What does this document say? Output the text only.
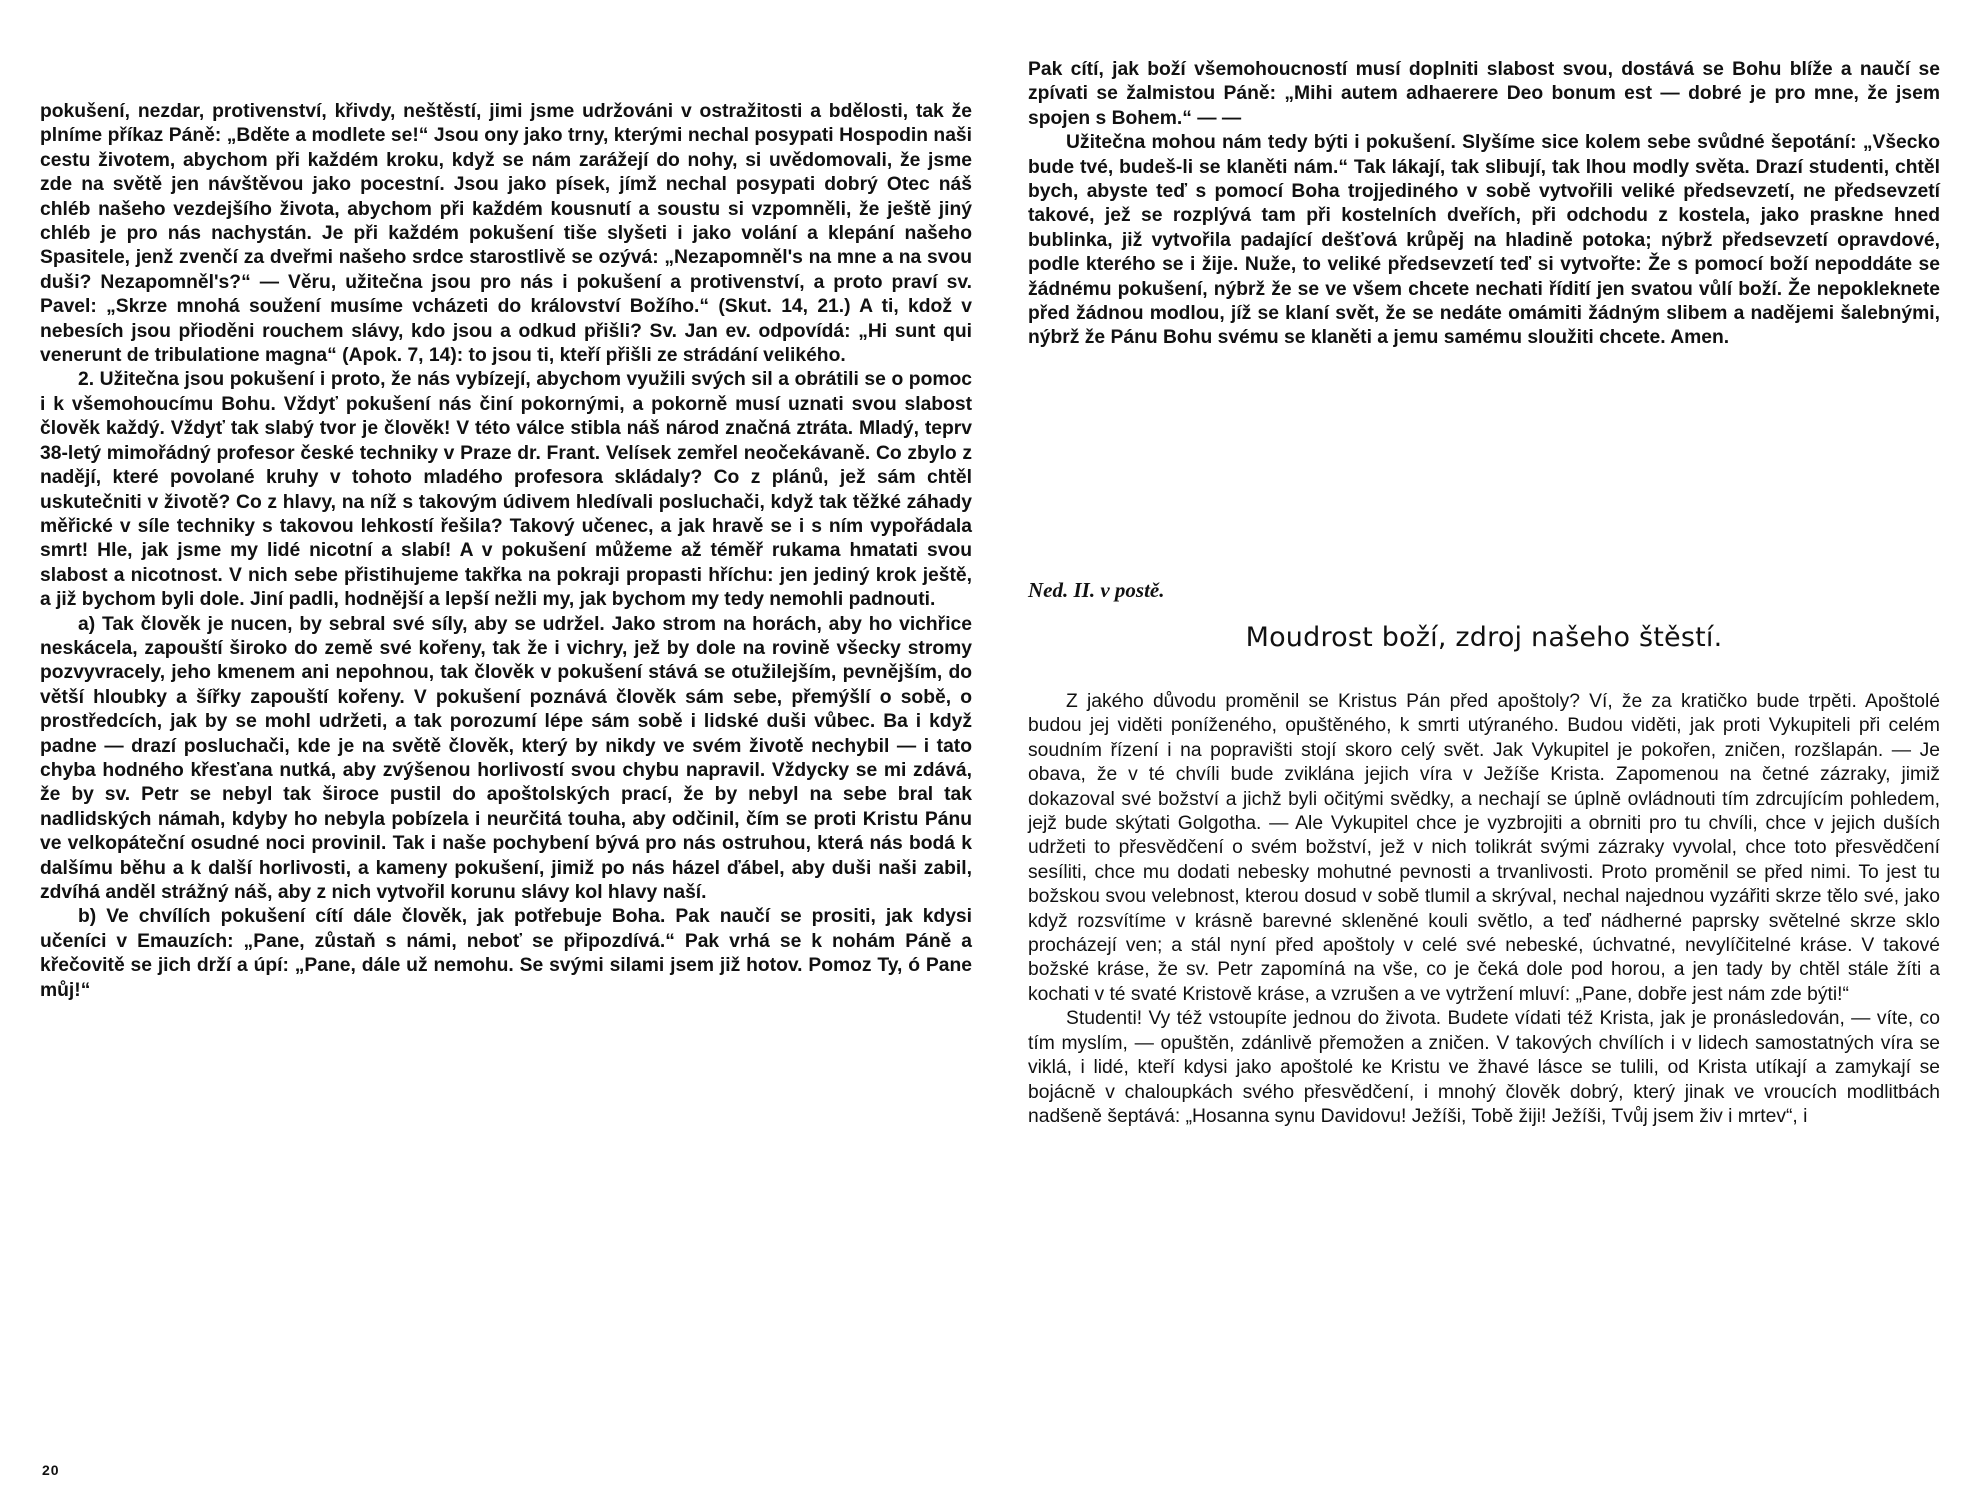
pokušení, nezdar, protivenství, křivdy, neštěstí, jimi jsme udržováni v ostražitosti a bdělosti, tak že plníme příkaz Páně: „Bděte a modlete se!“ Jsou ony jako trny, kterými nechal posypati Hospodin naši cestu životem, abychom při každém kroku, když se nám zarážejí do nohy, si uvědomovali, že jsme zde na světě jen návštěvou jako pocestní. Jsou jako písek, jímž nechal posypati dobrý Otec náš chléb našeho vezdejšího života, abychom při každém kousnutí a soustu si vzpomněli, že ještě jiný chléb je pro nás nachystán. Je při každém pokušení tiše slyšeti i jako volání a klepání našeho Spasitele, jenž zvenčí za dveřmi našeho srdce starostlivě se ozývá: „Nezapomněl's na mne a na svou duši? Nezapomněl's?“ — Věru, užitečna jsou pro nás i pokušení a protivenství, a proto praví sv. Pavel: „Skrze mnohá soužení musíme vcházeti do království Božího.“ (Skut. 14, 21.) A ti, kdož v nebesích jsou přioděni rouchem slávy, kdo jsou a odkud přišli? Sv. Jan ev. odpovídá: „Hi sunt qui venerunt de tribulatione magna“ (Apok. 7, 14): to jsou ti, kteří přišli ze strádání velikého.

2. Užitečna jsou pokušení i proto, že nás vybízejí, abychom využili svých sil a obrátili se o pomoc i k všemohoucímu Bohu. Vždyť pokušení nás činí pokornými, a pokorně musí uznati svou slabost člověk každý. Vždyť tak slabý tvor je člověk! V této válce stibla náš národ značná ztráta. Mladý, teprv 38-letý mimořádný profesor české techniky v Praze dr. Frant. Velísek zemřel neočekávaně. Co zbylo z nadějí, které povolané kruhy v tohoto mladého profesora skládaly? Co z plánů, jež sám chtěl uskutečniti v životě? Co z hlavy, na níž s takovým údivem hledívali posluchači, když tak těžké záhady měřické v síle techniky s takovou lehkostí řešila? Takový učenec, a jak hravě se i s ním vypořádala smrt! Hle, jak jsme my lidé nicotní a slabí! A v pokušení můžeme až téměř rukama hmatati svou slabost a nicotnost. V nich sebe přistihujeme takřka na pokraji propasti hříchu: jen jediný krok ještě, a již bychom byli dole. Jiní padli, hodnější a lepší nežli my, jak bychom my tedy nemohli padnouti.

a) Tak člověk je nucen, by sebral své síly, aby se udržel. Jako strom na horách, aby ho vichřice neskácela, zapouští široko do země své kořeny, tak že i vichry, jež by dole na rovině všecky stromy pozvyvracely, jeho kmenem ani nepohnou, tak člověk v pokušení stává se otužilejším, pevnějším, do větší hloubky a šířky zapouští kořeny. V pokušení poznává člověk sám sebe, přemýšlí o sobě, o prostředcích, jak by se mohl udržeti, a tak porozumí lépe sám sobě i lidské duši vůbec. Ba i když padne — drazí posluchači, kde je na světě člověk, který by nikdy ve svém životě nechybil — i tato chyba hodného křesťana nutká, aby zvýšenou horlivostí svou chybu napravil. Vždycky se mi zdává, že by sv. Petr se nebyl tak široce pustil do apoštolských prací, že by nebyl na sebe bral tak nadlidských námah, kdyby ho nebyla pobízela i neurčitá touha, aby odčinil, čím se proti Kristu Pánu ve velkopáteční osudné noci provinil. Tak i naše pochybení bývá pro nás ostruhou, která nás bodá k dalšímu běhu a k další horlivosti, a kameny pokušení, jimiž po nás házel ďábel, aby duši naši zabil, zdvíhá anděl strážný náš, aby z nich vytvořil korunu slávy kol hlavy naší.

b) Ve chvílích pokušení cítí dále člověk, jak potřebuje Boha. Pak naučí se prositi, jak kdysi učeníci v Emauzích: „Pane, zůstaň s námi, neboť se připozdívá.“ Pak vrhá se k nohám Páně a křečovitě se jich drží a úpí: „Pane, dále už nemohu. Se svými silami jsem již hotov. Pomoz Ty, ó Pane můj!“

20

Pak cítí, jak boží všemohoucností musí doplniti slabost svou, dostává se Bohu blíže a naučí se zpívati se žalmistou Páně: „Mihi autem adhaerere Deo bonum est — dobré je pro mne, že jsem spojen s Bohem.“ — —

Užitečna mohou nám tedy býti i pokušení. Slyšíme sice kolem sebe svůdné šepotání: „Všecko bude tvé, budeš-li se klaněti nám.“ Tak lákají, tak slibují, tak lhou modly světa. Drazí studenti, chtěl bych, abyste teď s pomocí Boha trojjediného v sobě vytvořili veliké předsevzetí, ne předsevzetí takové, jež se rozplývá tam při kostelních dveřích, při odchodu z kostela, jako praskne hned bublinka, již vytvořila padající dešťová krůpěj na hladině potoka; nýbrž předsevzetí opravdové, podle kterého se i žije. Nuže, to veliké předsevzetí teď si vytvořte: Že s pomocí boží nepoddáte se žádnému pokušení, nýbrž že se ve všem chcete nechati řídití jen svatou vůlí boží. Že nepokleknete před žádnou modlou, jíž se klaní svět, že se nedáte omámiti žádným slibem a nadějemi šalebnými, nýbrž že Pánu Bohu svému se klaněti a jemu samému sloužiti chcete. Amen.

Ned. II. v postě.

Moudrost boží, zdroj našeho štěstí.

Z jakého důvodu proměnil se Kristus Pán před apoštoly? Ví, že za kratičko bude trpěti. Apoštolé budou jej viděti poníženého, opuštěného, k smrti utýraného. Budou viděti, jak proti Vykupiteli při celém soudním řízení i na popravišti stojí skoro celý svět. Jak Vykupitel je pokořen, zničen, rozšlapán. — Je obava, že v té chvíli bude zviklána jejich víra v Ježíše Krista. Zapomenou na četné zázraky, jimiž dokazoval své božství a jichž byli očitými svědky, a nechají se úplně ovládnouti tím zdrcujícím pohledem, jejž bude skýtati Golgotha. — Ale Vykupitel chce je vyzbrojiti a obrniti pro tu chvíli, chce v jejich duších udržeti to přesvědčení o svém božství, jež v nich tolikrát svými zázraky vyvolal, chce toto přesvědčení sesíliti, chce mu dodati nebesky mohutné pevnosti a trvanlivosti. Proto proměnil se před nimi. To jest tu božskou svou velebnost, kterou dosud v sobě tlumil a skrýval, nechal najednou vyzářiti skrze tělo své, jako když rozsvítíme v krásně barevné skleněné kouli světlo, a teď nádherné paprsky světelné skrze sklo procházejí ven; a stál nyní před apoštoly v celé své nebeské, úchvatné, nevylíčitelné kráse. V takové božské kráse, že sv. Petr zapomíná na vše, co je čeká dole pod horou, a jen tady by chtěl stále žíti a kochati v té svaté Kristově kráse, a vzrušen a ve vytržení mluví: „Pane, dobře jest nám zde býti!“

Studenti! Vy též vstoupíte jednou do života. Budete vídati též Krista, jak je pronásledován, — víte, co tím myslím, — opuštěn, zdánlivě přemožen a zničen. V takových chvílích i v lidech samostatných víra se viklá, i lidé, kteří kdysi jako apoštolé ke Kristu ve žhavé lásce se tulili, od Krista utíkají a zamykají se bojácně v chaloupkách svého přesvědčení, i mnohý člověk dobrý, který jinak ve vroucích modlitbách nadšeně šeptává: „Hosanna synu Davidovu! Ježíši, Tobě žiji! Ježíši, Tvůj jsem živ i mrtev“, i
